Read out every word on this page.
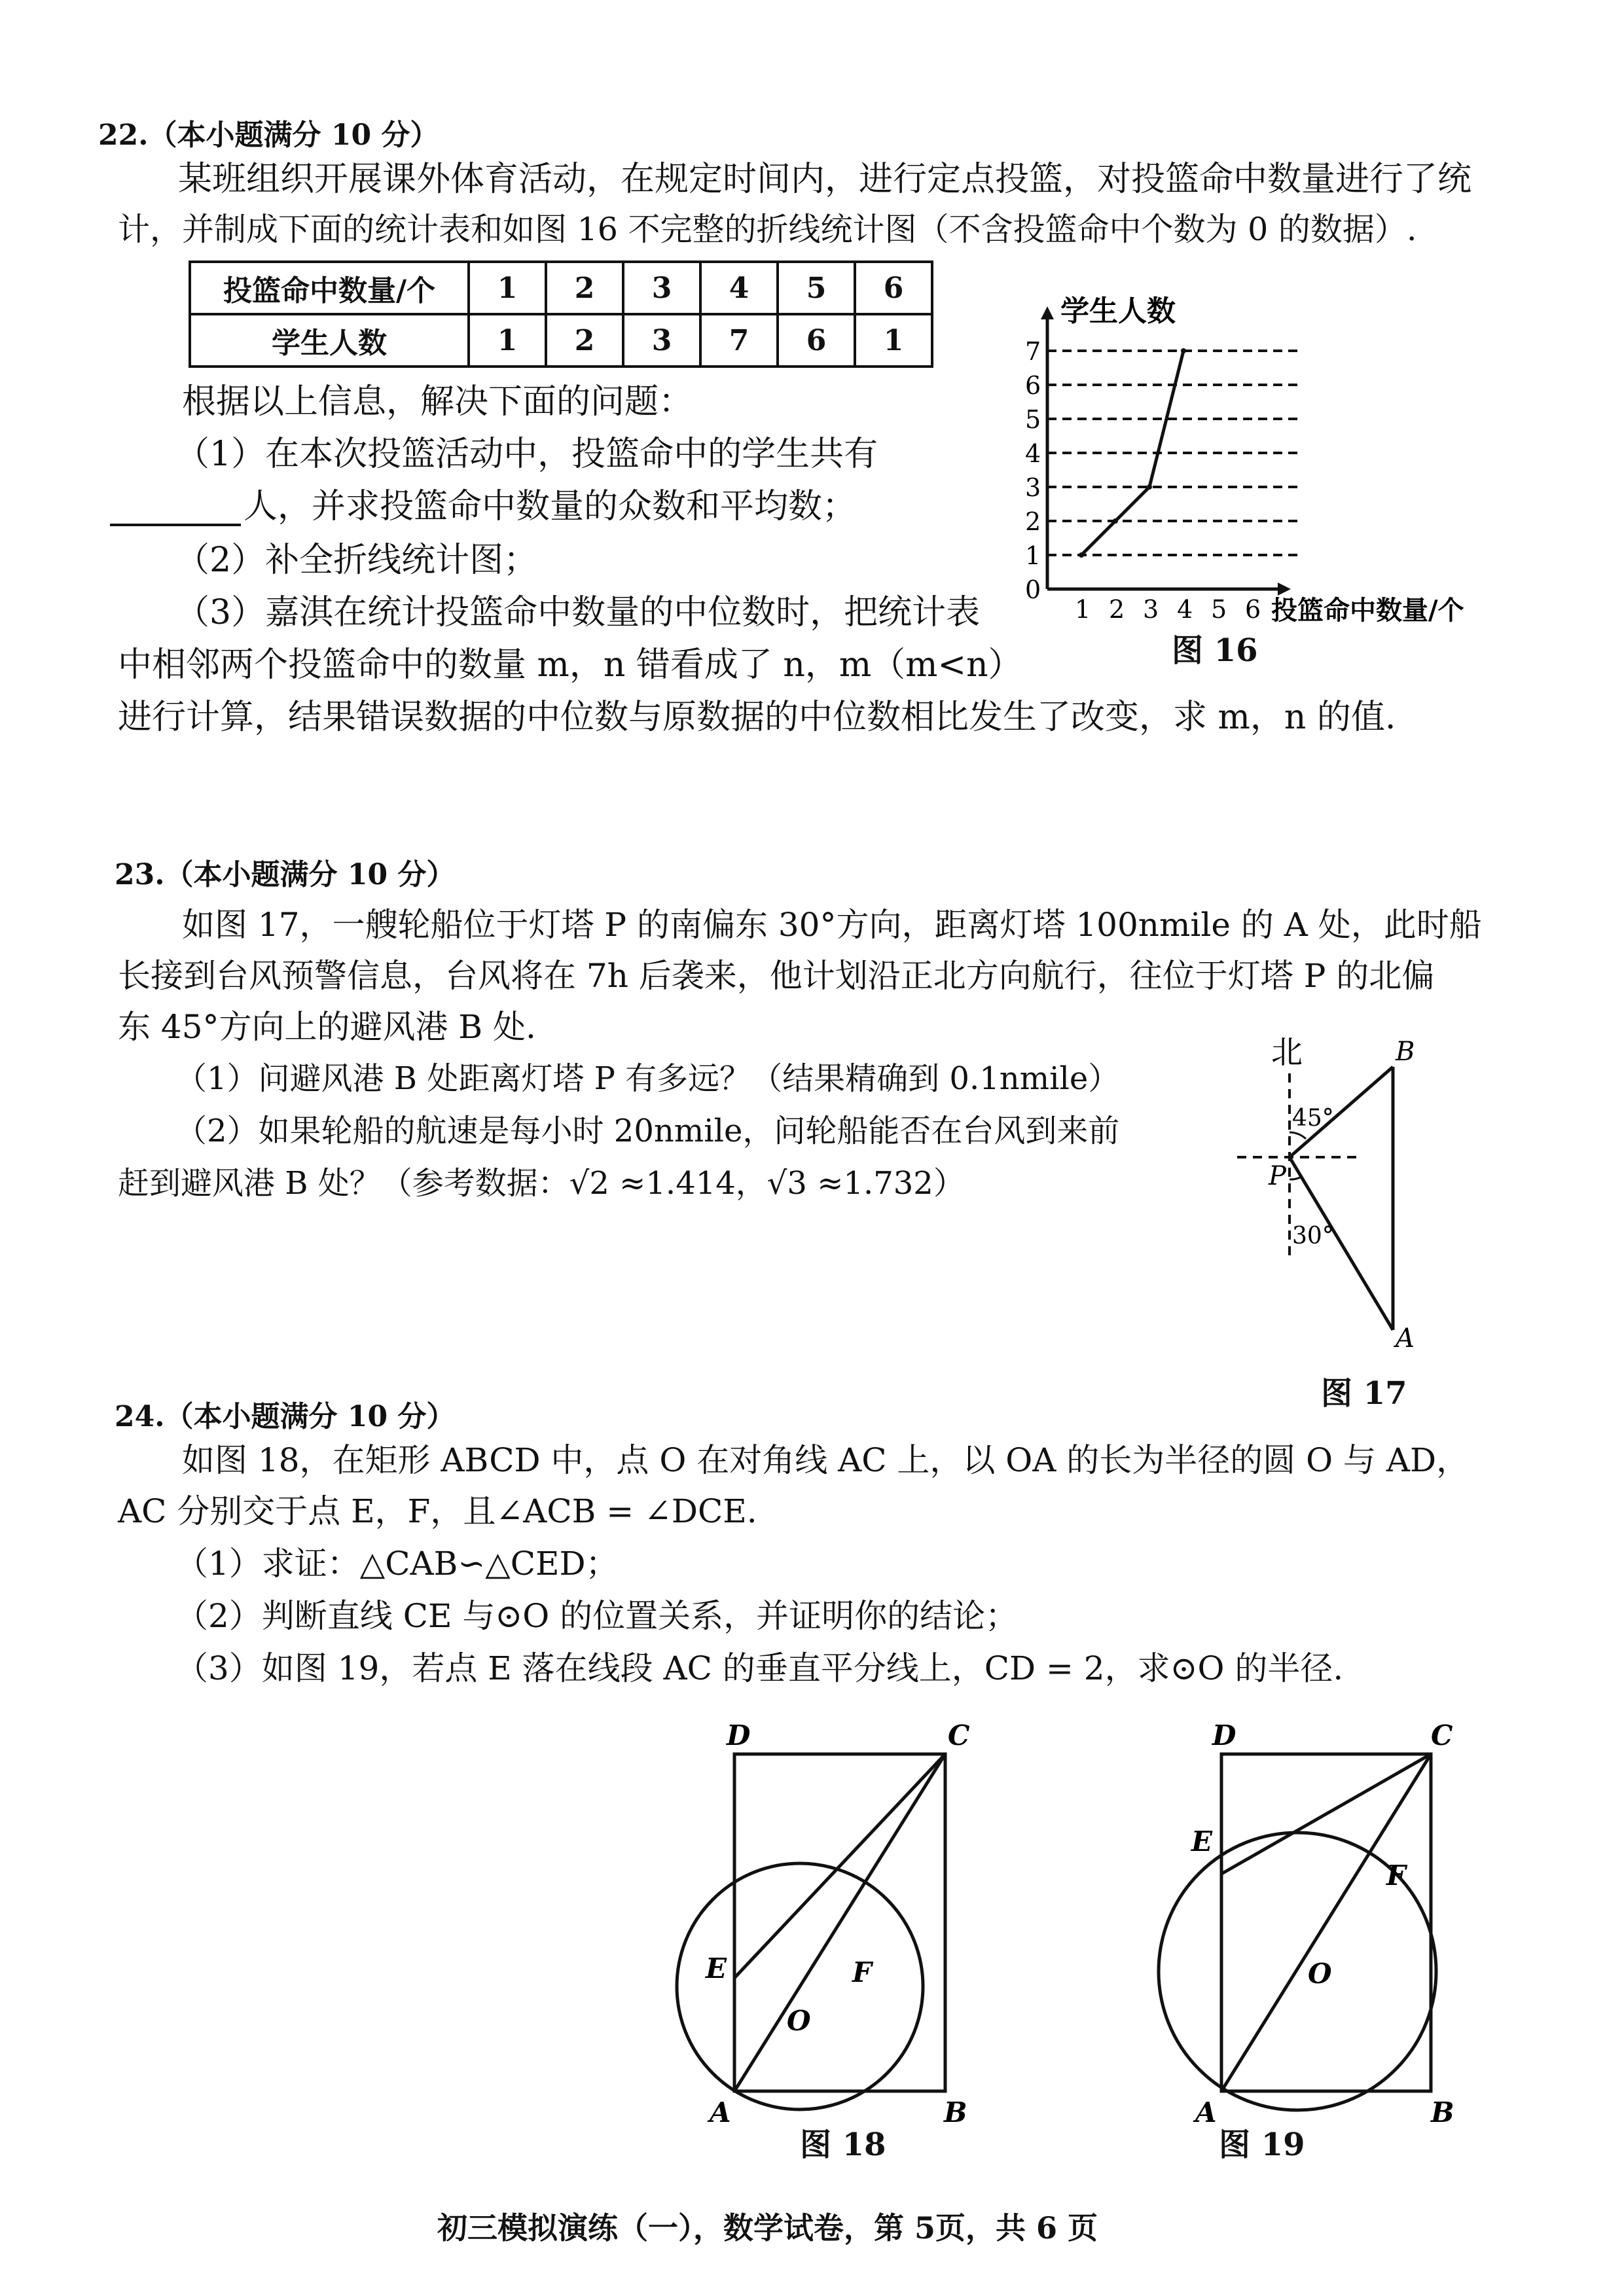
22.（本小题满分 10 分）
某班组织开展课外体育活动，在规定时间内，进行定点投篮，对投篮命中数量进行了统
计，并制成下面的统计表和如图 16 不完整的折线统计图（不含投篮命中个数为 0 的数据）.
投篮命中数量/个	1	2	3	4	5	6
学生人数	1	2	3	7	6	1
根据以上信息，解决下面的问题：
（1）在本次投篮活动中，投篮命中的学生共有
人，并求投篮命中数量的众数和平均数；
（2）补全折线统计图；
（3）嘉淇在统计投篮命中数量的中位数时，把统计表
中相邻两个投篮命中的数量 m，n 错看成了 n，m（m<n）
进行计算，结果错误数据的中位数与原数据的中位数相比发生了改变，求 m，n 的值.
0
1
2
3
4
5
6
7
1 2 3 4 5 6
学生人数
投篮命中数量/个
图 16
23.（本小题满分 10 分）
如图 17，一艘轮船位于灯塔 P 的南偏东 30°方向，距离灯塔 100nmile 的 A 处，此时船
长接到台风预警信息，台风将在 7h 后袭来，他计划沿正北方向航行，往位于灯塔 P 的北偏
东 45°方向上的避风港 B 处.
（1）问避风港 B 处距离灯塔 P 有多远？（结果精确到 0.1nmile）
（2）如果轮船的航速是每小时 20nmile，问轮船能否在台风到来前
赶到避风港 B 处？（参考数据：√2 ≈1.414，√3 ≈1.732）
北	B
P
A
45°
30°
图 17
24.（本小题满分 10 分）
如图 18，在矩形 ABCD 中，点 O 在对角线 AC 上，以 OA 的长为半径的圆 O 与 AD，
AC 分别交于点 E，F，且∠ACB = ∠DCE.
（1）求证：△CAB∽△CED；
（2）判断直线 CE 与⊙O 的位置关系，并证明你的结论；
（3）如图 19，若点 E 落在线段 AC 的垂直平分线上，CD = 2，求⊙O 的半径.
D	C
E	F
O
A	B
图 18
D	C
E
F
O
A	B
图 19
初三模拟演练（一），数学试卷，第 5页，共 6 页
